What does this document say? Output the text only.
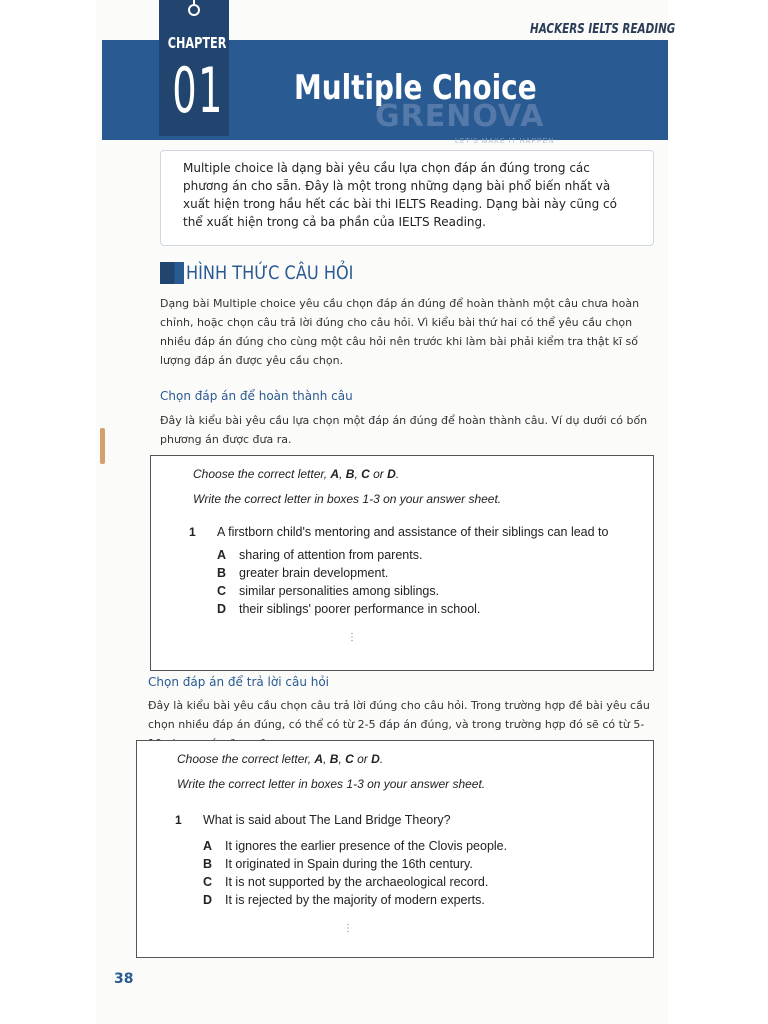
Multiple Choice
CHAPTER
01
HACKERS IELTS READING
GRENOVA
LET'S MAKE IT HAPPEN

Multiple choice là dạng bài yêu cầu lựa chọn đáp án đúng trong các phương án cho sẵn. Đây là một trong những dạng bài phổ biến nhất và xuất hiện trong hầu hết các bài thi IELTS Reading. Dạng bài này cũng có thể xuất hiện trong cả ba phần của IELTS Reading.

HÌNH THỨC CÂU HỎI

Dạng bài Multiple choice yêu cầu chọn đáp án đúng để hoàn thành một câu chưa hoàn chỉnh, hoặc chọn câu trả lời đúng cho câu hỏi. Vì kiểu bài thứ hai có thể yêu cầu chọn nhiều đáp án đúng cho cùng một câu hỏi nên trước khi làm bài phải kiểm tra thật kĩ số lượng đáp án được yêu cầu chọn.

Chọn đáp án để hoàn thành câu

Đây là kiểu bài yêu cầu lựa chọn một đáp án đúng để hoàn thành câu. Ví dụ dưới có bốn phương án được đưa ra.

Choose the correct letter, A, B, C or D.
Write the correct letter in boxes 1-3 on your answer sheet.
1 A firstborn child's mentoring and assistance of their siblings can lead to
A sharing of attention from parents.
B greater brain development.
C similar personalities among siblings.
D their siblings' poorer performance in school.
⋮
Chọn đáp án để trả lời câu hỏi

Đây là kiểu bài yêu cầu chọn câu trả lời đúng cho câu hỏi. Trong trường hợp đề bài yêu cầu chọn nhiều đáp án đúng, có thể có từ 2-5 đáp án đúng, và trong trường hợp đó sẽ có từ 5-

Choose the correct letter, A, B, C or D.
Write the correct letter in boxes 1-3 on your answer sheet.
1 What is said about The Land Bridge Theory?
A It ignores the earlier presence of the Clovis people.
B It originated in Spain during the 16th century.
C It is not supported by the archaeological record.
D It is rejected by the majority of modern experts.
⋮
38
